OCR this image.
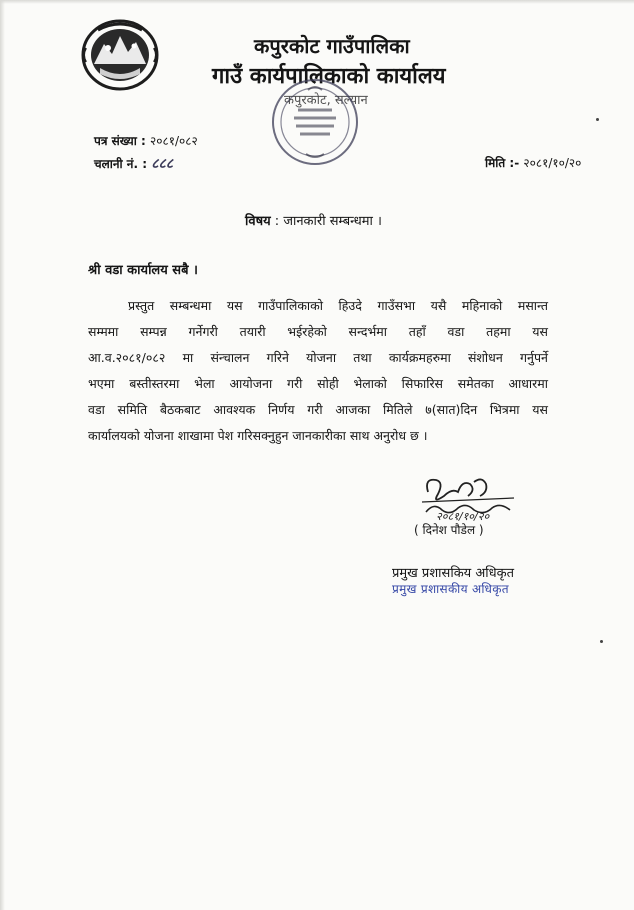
कपुरकोट गाउँपालिका
गाउँ कार्यपालिकाको कार्यालय
कपुरकोट, सल्यान
पत्र संख्या : २०८१/०८२
चलानी नं. : ८८८	मिति :- २०८१/१०/२०
विषय : जानकारी सम्बन्धमा ।
श्री वडा कार्यालय सबै ।
प्रस्तुत सम्बन्धमा यस गाउँपालिकाको हिउदे गाउँसभा यसै महिनाको मसान्त
सम्ममा सम्पन्न गर्नेगरी तयारी भईरहेको सन्दर्भमा तहाँ वडा तहमा यस
आ.व.२०८१/०८२ मा संन्चालन गरिने योजना तथा कार्यक्रमहरुमा संशोधन गर्नुपर्ने
भएमा बस्तीस्तरमा भेला आयोजना गरी सोही भेलाको सिफारिस समेतका आधारमा
वडा समिति बैठकबाट आवश्यक निर्णय गरी आजका मितिले ७(सात)दिन भित्रमा यस
कार्यालयको योजना शाखामा पेश गरिसक्नुहुन जानकारीका साथ अनुरोध छ ।
२०८१/१०/२०
( दिनेश पौडेल )
प्रमुख प्रशासकिय अधिकृत
प्रमुख प्रशासकीय अधिकृत
